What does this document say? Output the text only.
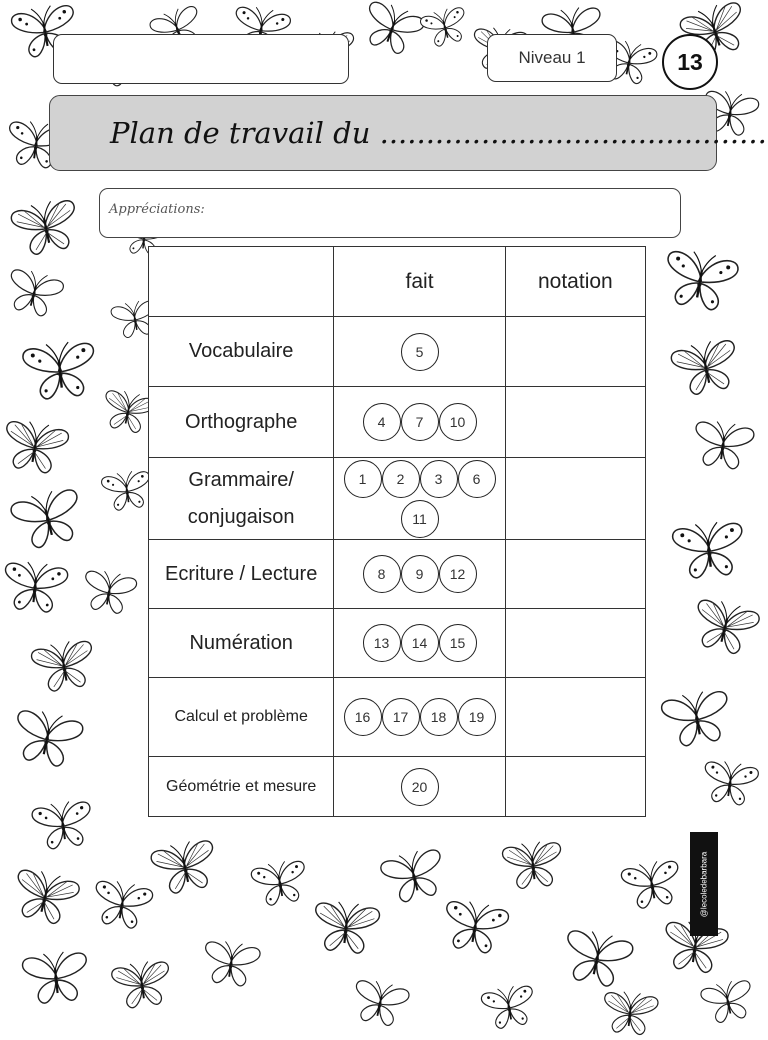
Niveau 1	13
Plan de travail du ..........................................
Appréciations:
	fait	notation
Vocabulaire	5	

Orthographe	4 7 10	

Grammaire/ conjugaison	1 2 3 6
11	

Ecriture / Lecture	8 9 12	

Numération	13 14 15	

Calcul et problème	16 17 18 19	

Géométrie et mesure	20	

@lecoledebarbara
